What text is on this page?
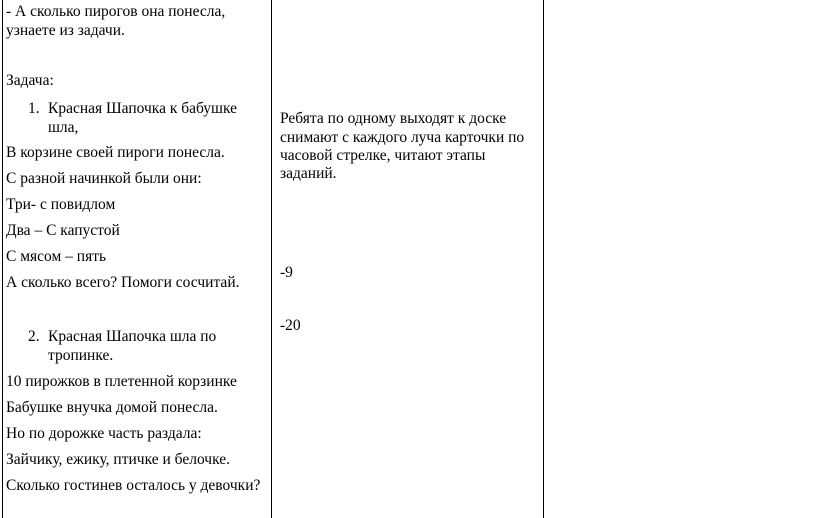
- А сколько пирогов она понесла,
узнаете из задачи.
Задача:
1. Красная Шапочка к бабушке
шла,
В корзине своей пироги понесла.
С разной начинкой были они:
Три- с повидлом
Два – С капустой
С мясом – пять
А сколько всего? Помоги сосчитай.
2. Красная Шапочка шла по
тропинке.
10 пирожков в плетенной корзинке
Бабушке внучка домой понесла.
Но по дорожке часть раздала:
Зайчику, ежику, птичке и белочке.
Сколько гостинев осталось у девочки?
Ребята по одному выходят к доске
снимают с каждого луча карточки по
часовой стрелке, читают этапы
заданий.
-9
-20
